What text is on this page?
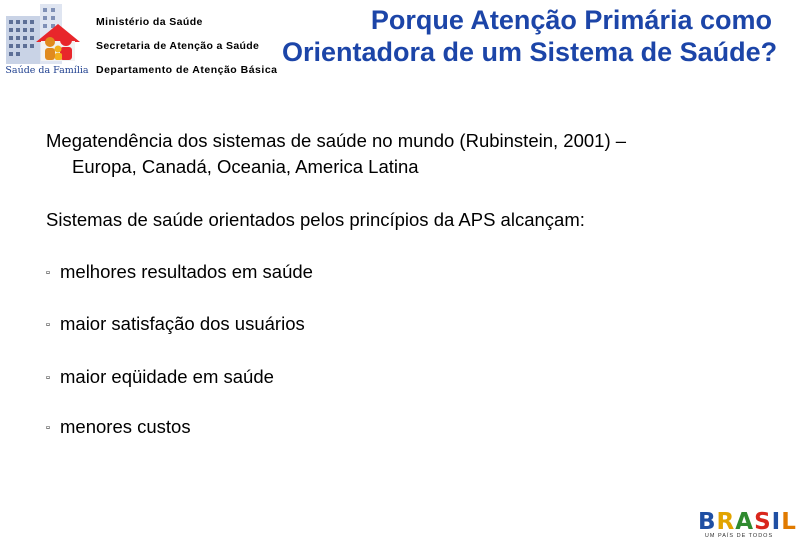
Saúde da Família
Ministério da Saúde
Secretaria de Atenção a Saúde
Departamento de Atenção Básica
Porque Atenção Primária como
Orientadora de um Sistema de Saúde?
Megatendência dos sistemas de saúde no mundo (Rubinstein, 2001) –
Europa, Canadá, Oceania, America Latina
Sistemas de saúde orientados pelos princípios da APS alcançam:
▫ melhores resultados em saúde
▫ maior satisfação dos usuários
▫ maior eqüidade em saúde
▫ menores custos
BRASIL
UM PAÍS DE TODOS
